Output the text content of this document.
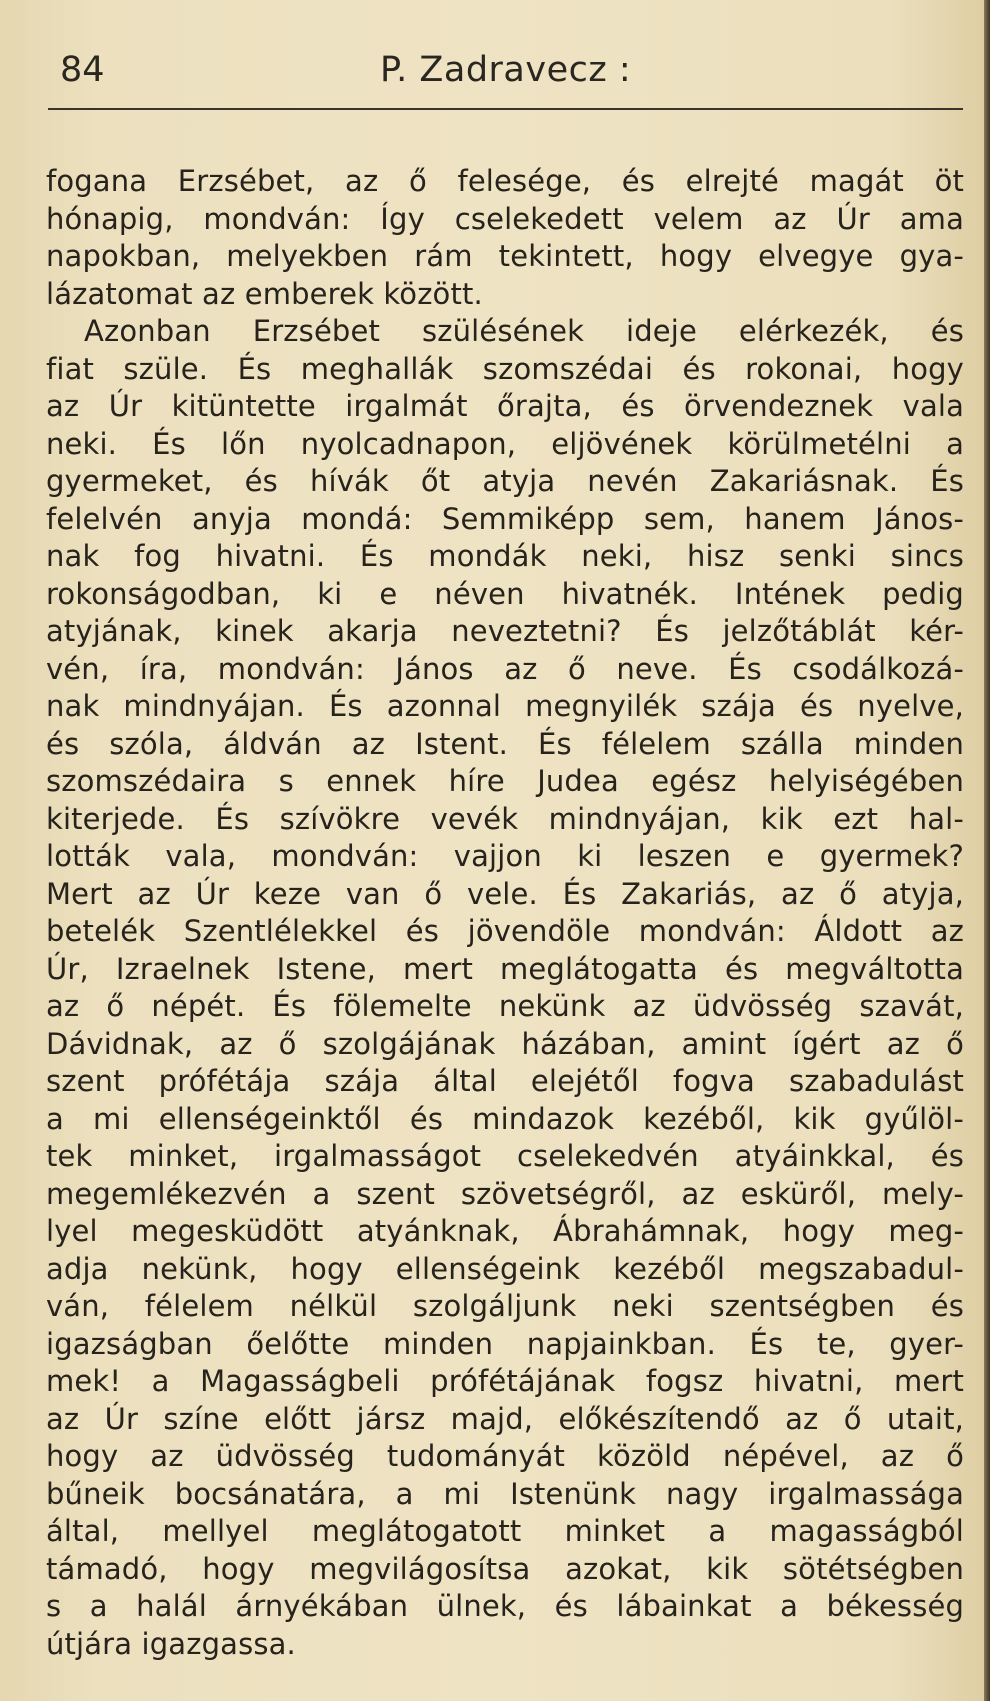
84	P. Zadravecz :
fogana Erzsébet, az ő felesége, és elrejté magát öt
hónapig, mondván: Így cselekedett velem az Úr ama
napokban, melyekben rám tekintett, hogy elvegye gya-
lázatomat az emberek között.
Azonban Erzsébet szülésének ideje elérkezék, és
fiat szüle. És meghallák szomszédai és rokonai, hogy
az Úr kitüntette irgalmát őrajta, és örvendeznek vala
neki. És lőn nyolcadnapon, eljövének körülmetélni a
gyermeket, és hívák őt atyja nevén Zakariásnak. És
felelvén anyja mondá: Semmiképp sem, hanem János-
nak fog hivatni. És mondák neki, hisz senki sincs
rokonságodban, ki e néven hivatnék. Intének pedig
atyjának, kinek akarja neveztetni? És jelzőtáblát kér-
vén, íra, mondván: János az ő neve. És csodálkozá-
nak mindnyájan. És azonnal megnyilék szája és nyelve,
és szóla, áldván az Istent. És félelem szálla minden
szomszédaira s ennek híre Judea egész helyiségében
kiterjede. És szívökre vevék mindnyájan, kik ezt hal-
lották vala, mondván: vajjon ki leszen e gyermek?
Mert az Úr keze van ő vele. És Zakariás, az ő atyja,
betelék Szentlélekkel és jövendöle mondván: Áldott az
Úr, Izraelnek Istene, mert meglátogatta és megváltotta
az ő népét. És fölemelte nekünk az üdvösség szavát,
Dávidnak, az ő szolgájának házában, amint ígért az ő
szent prófétája szája által elejétől fogva szabadulást
a mi ellenségeinktől és mindazok kezéből, kik gyűlöl-
tek minket, irgalmasságot cselekedvén atyáinkkal, és
megemlékezvén a szent szövetségről, az esküről, mely-
lyel megesküdött atyánknak, Ábrahámnak, hogy meg-
adja nekünk, hogy ellenségeink kezéből megszabadul-
ván, félelem nélkül szolgáljunk neki szentségben és
igazságban őelőtte minden napjainkban. És te, gyer-
mek! a Magasságbeli prófétájának fogsz hivatni, mert
az Úr színe előtt jársz majd, előkészítendő az ő utait,
hogy az üdvösség tudományát közöld népével, az ő
bűneik bocsánatára, a mi Istenünk nagy irgalmassága
által, mellyel meglátogatott minket a magasságból
támadó, hogy megvilágosítsa azokat, kik sötétségben
s a halál árnyékában ülnek, és lábainkat a békesség
útjára igazgassa.
